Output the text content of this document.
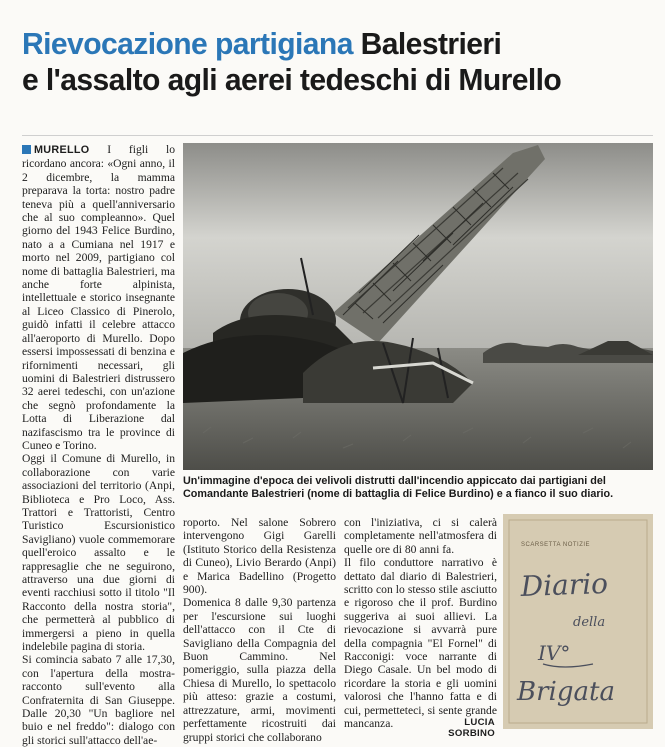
Rievocazione partigiana Balestrieri
e l'assalto agli aerei tedeschi di Murello

MURELLO I figli lo ricordano ancora: «Ogni anno, il 2 dicembre, la mamma preparava la torta: nostro padre teneva più a quell'anniversario che al suo compleanno». Quel giorno del 1943 Felice Burdino, nato a a Cumiana nel 1917 e morto nel 2009, partigiano col nome di battaglia Balestrieri, ma anche forte alpinista, intellettuale e storico insegnante al Liceo Classico di Pinerolo, guidò infatti il celebre attacco all'aeroporto di Murello. Dopo essersi impossessati di benzina e rifornimenti necessari, gli uomini di Balestrieri distrussero 32 aerei tedeschi, con un'azione che segnò profondamente la Lotta di Liberazione dal nazifascismo tra le province di Cuneo e Torino.

Oggi il Comune di Murello, in collaborazione con varie associazioni del territorio (Anpi, Biblioteca e Pro Loco, Ass. Trattori e Trattoristi, Centro Turistico Escursionistico Savigliano) vuole commemorare quell'eroico assalto e le rappresaglie che ne seguirono, attraverso una due giorni di eventi racchiusi sotto il titolo "Il Racconto della nostra storia", che permetterà al pubblico di immergersi a pieno in quella indelebile pagina di storia.

Si comincia sabato 7 alle 17,30, con l'apertura della mostra-racconto sull'evento alla Confraternita di San Giuseppe. Dalle 20,30 "Un bagliore nel buio e nel freddo": dialogo con gli storici sull'attacco dell'ae-

Un'immagine d'epoca dei velivoli distrutti dall'incendio appiccato dai partigiani del Comandante Balestrieri (nome di battaglia di Felice Burdino) e a fianco il suo diario.

roporto. Nel salone Sobrero intervengono Gigi Garelli (Istituto Storico della Resistenza di Cuneo), Livio Berardo (Anpi) e Marica Badellino (Progetto 900).

Domenica 8 dalle 9,30 partenza per l'escursione sui luoghi dell'attacco con il Cte di Savigliano della Compagnia del Buon Cammino. Nel pomeriggio, sulla piazza della Chiesa di Murello, lo spettacolo più atteso: grazie a costumi, attrezzature, armi, movimenti perfettamente ricostruiti dai gruppi storici che collaborano

con l'iniziativa, ci si calerà completamente nell'atmosfera di quelle ore di 80 anni fa.

Il filo conduttore narrativo è dettato dal diario di Balestrieri, scritto con lo stesso stile asciutto e rigoroso che il prof. Burdino suggeriva ai suoi allievi. La rievocazione si avvarrà pure della compagnia "El Fornel" di Racconigi: voce narrante di Diego Casale. Un bel modo di ricordare la storia e gli uomini valorosi che l'hanno fatta e di cui, permetteteci, si sente grande mancanza.	LUCIA SORBINO
SCARSETTA NOTIZIE
Diario
della
IV°
Brigata
